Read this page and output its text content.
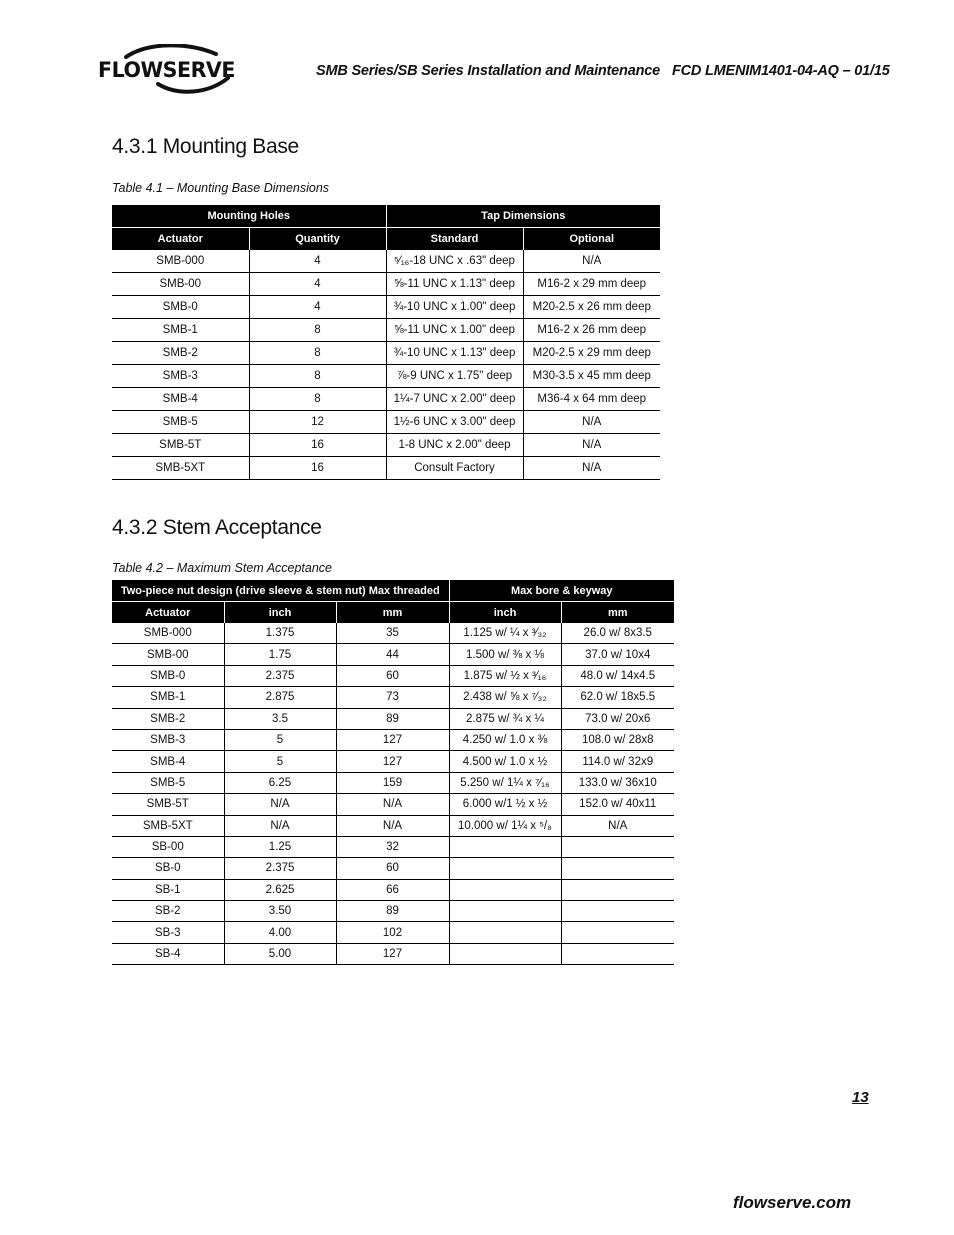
FLOWSERVE	SMB Series/SB Series Installation and Maintenance FCD LMENIM1401-04-AQ – 01/15
4.3.1 Mounting Base

Table 4.1 – Mounting Base Dimensions

Mounting Holes		Tap Dimensions	
Actuator	Quantity	Standard	Optional
SMB-000	4	⁵⁄₁₆-18 UNC x .63" deep	N/A
SMB-00	4	⅝-11 UNC x 1.13" deep	M16-2 x 29 mm deep
SMB-0	4	¾-10 UNC x 1.00" deep	M20-2.5 x 26 mm deep
SMB-1	8	⅝-11 UNC x 1.00" deep	M16-2 x 26 mm deep
SMB-2	8	¾-10 UNC x 1.13" deep	M20-2.5 x 29 mm deep
SMB-3	8	⅞-9 UNC x 1.75" deep	M30-3.5 x 45 mm deep
SMB-4	8	1¼-7 UNC x 2.00" deep	M36-4 x 64 mm deep
SMB-5	12	1½-6 UNC x 3.00" deep	N/A
SMB-5T	16	1-8 UNC x 2.00" deep	N/A
SMB-5XT	16	Consult Factory	N/A
4.3.2 Stem Acceptance

Table 4.2 – Maximum Stem Acceptance

Two-piece nut design (drive sleeve & stem nut) Max threaded			Max bore & keyway	
Actuator	inch	mm	inch	mm
SMB-000	1.375	35	1.125 w/ ¼ x ³⁄₃₂	26.0 w/ 8x3.5
SMB-00	1.75	44	1.500 w/ ⅜ x ⅛	37.0 w/ 10x4
SMB-0	2.375	60	1.875 w/ ½ x ³⁄₁₆	48.0 w/ 14x4.5
SMB-1	2.875	73	2.438 w/ ⅝ x ⁷⁄₃₂	62.0 w/ 18x5.5
SMB-2	3.5	89	2.875 w/ ¾ x ¼	73.0 w/ 20x6
SMB-3	5	127	4.250 w/ 1.0 x ⅜	108.0 w/ 28x8
SMB-4	5	127	4.500 w/ 1.0 x ½	114.0 w/ 32x9
SMB-5	6.25	159	5.250 w/ 1¼ x ⁷⁄₁₆	133.0 w/ 36x10
SMB-5T	N/A	N/A	6.000 w/1 ½ x ½	152.0 w/ 40x11
SMB-5XT	N/A	N/A	10.000 w/ 1¼ x ⁵/₈	N/A
SB-00	1.25	32		
SB-0	2.375	60		
SB-1	2.625	66		
SB-2	3.50	89		
SB-3	4.00	102		
SB-4	5.00	127		
13
flowserve.com
